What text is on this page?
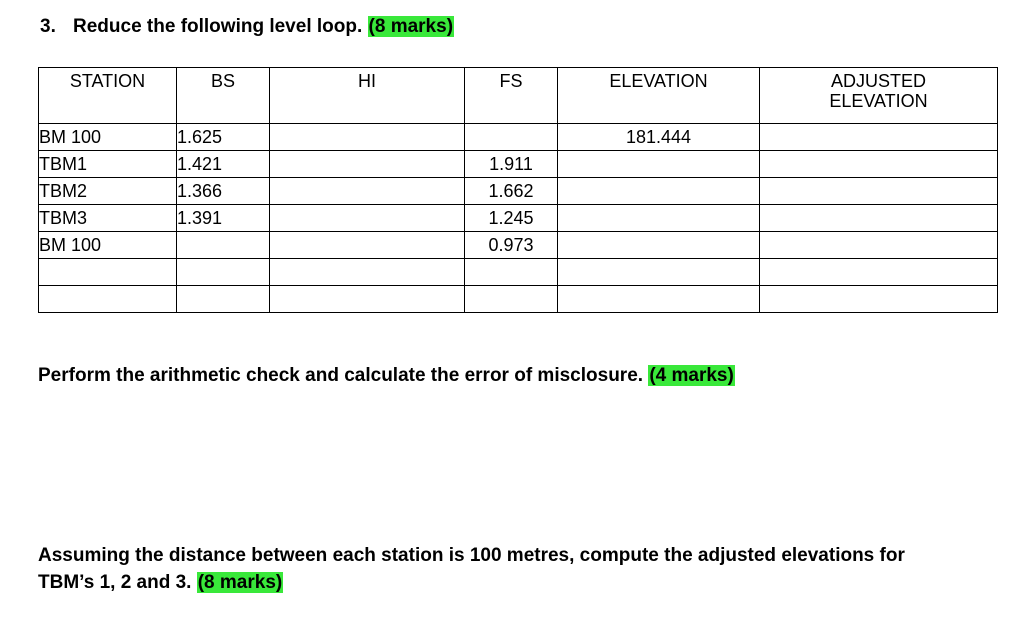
3. Reduce the following level loop. (8 marks)
STATION	BS	HI	FS	ELEVATION	ADJUSTED ELEVATION
BM 100	1.625			181.444	
TBM1	1.421		1.911		
TBM2	1.366		1.662		
TBM3	1.391		1.245		
BM 100			0.973		

Perform the arithmetic check and calculate the error of misclosure. (4 marks)
Assuming the distance between each station is 100 metres, compute the adjusted elevations for TBM’s 1, 2 and 3. (8 marks)
